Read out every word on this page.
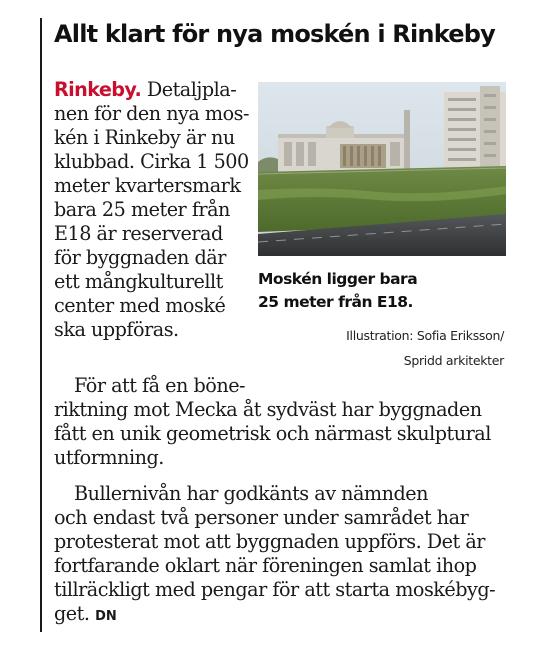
Allt klart för nya moskén i Rinkeby
Rinkeby. Detaljpla-
nen för den nya mos-
kén i Rinkeby är nu
klubbad. Cirka 1 500
meter kvartersmark
bara 25 meter från
E18 är reserverad
för byggnaden där
ett mångkulturellt
center med moské
ska uppföras.
För att få en böne-
riktning mot Mecka åt sydväst har byggnaden
fått en unik geometrisk och närmast skulptural
utformning.
Bullernivån har godkänts av nämnden
och endast två personer under samrådet har
protesterat mot att byggnaden uppförs. Det är
fortfarande oklart när föreningen samlat ihop
tillräckligt med pengar för att starta moskébyg-
get. DN

Moskén ligger bara
25 meter från E18.

Illustration: Sofia Eriksson/
Spridd arkitekter
